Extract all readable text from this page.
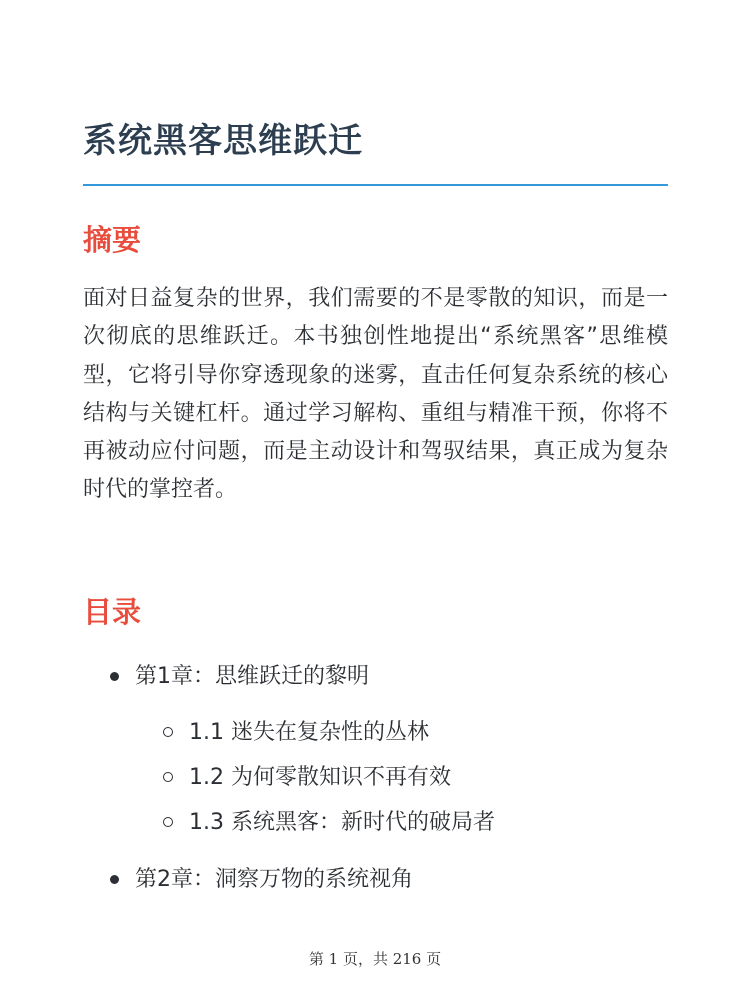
系统黑客思维跃迁
摘要

面对日益复杂的世界，我们需要的不是零散的知识，而是一次彻底的思维跃迁。本书独创性地提出“系统黑客”思维模型，它将引导你穿透现象的迷雾，直击任何复杂系统的核心结构与关键杠杆。通过学习解构、重组与精准干预，你将不再被动应付问题，而是主动设计和驾驭结果，真正成为复杂时代的掌控者。

目录
第1章：思维跃迁的黎明
1.1 迷失在复杂性的丛林
1.2 为何零散知识不再有效
1.3 系统黑客：新时代的破局者
第2章：洞察万物的系统视角
第 1 页，共 216 页
